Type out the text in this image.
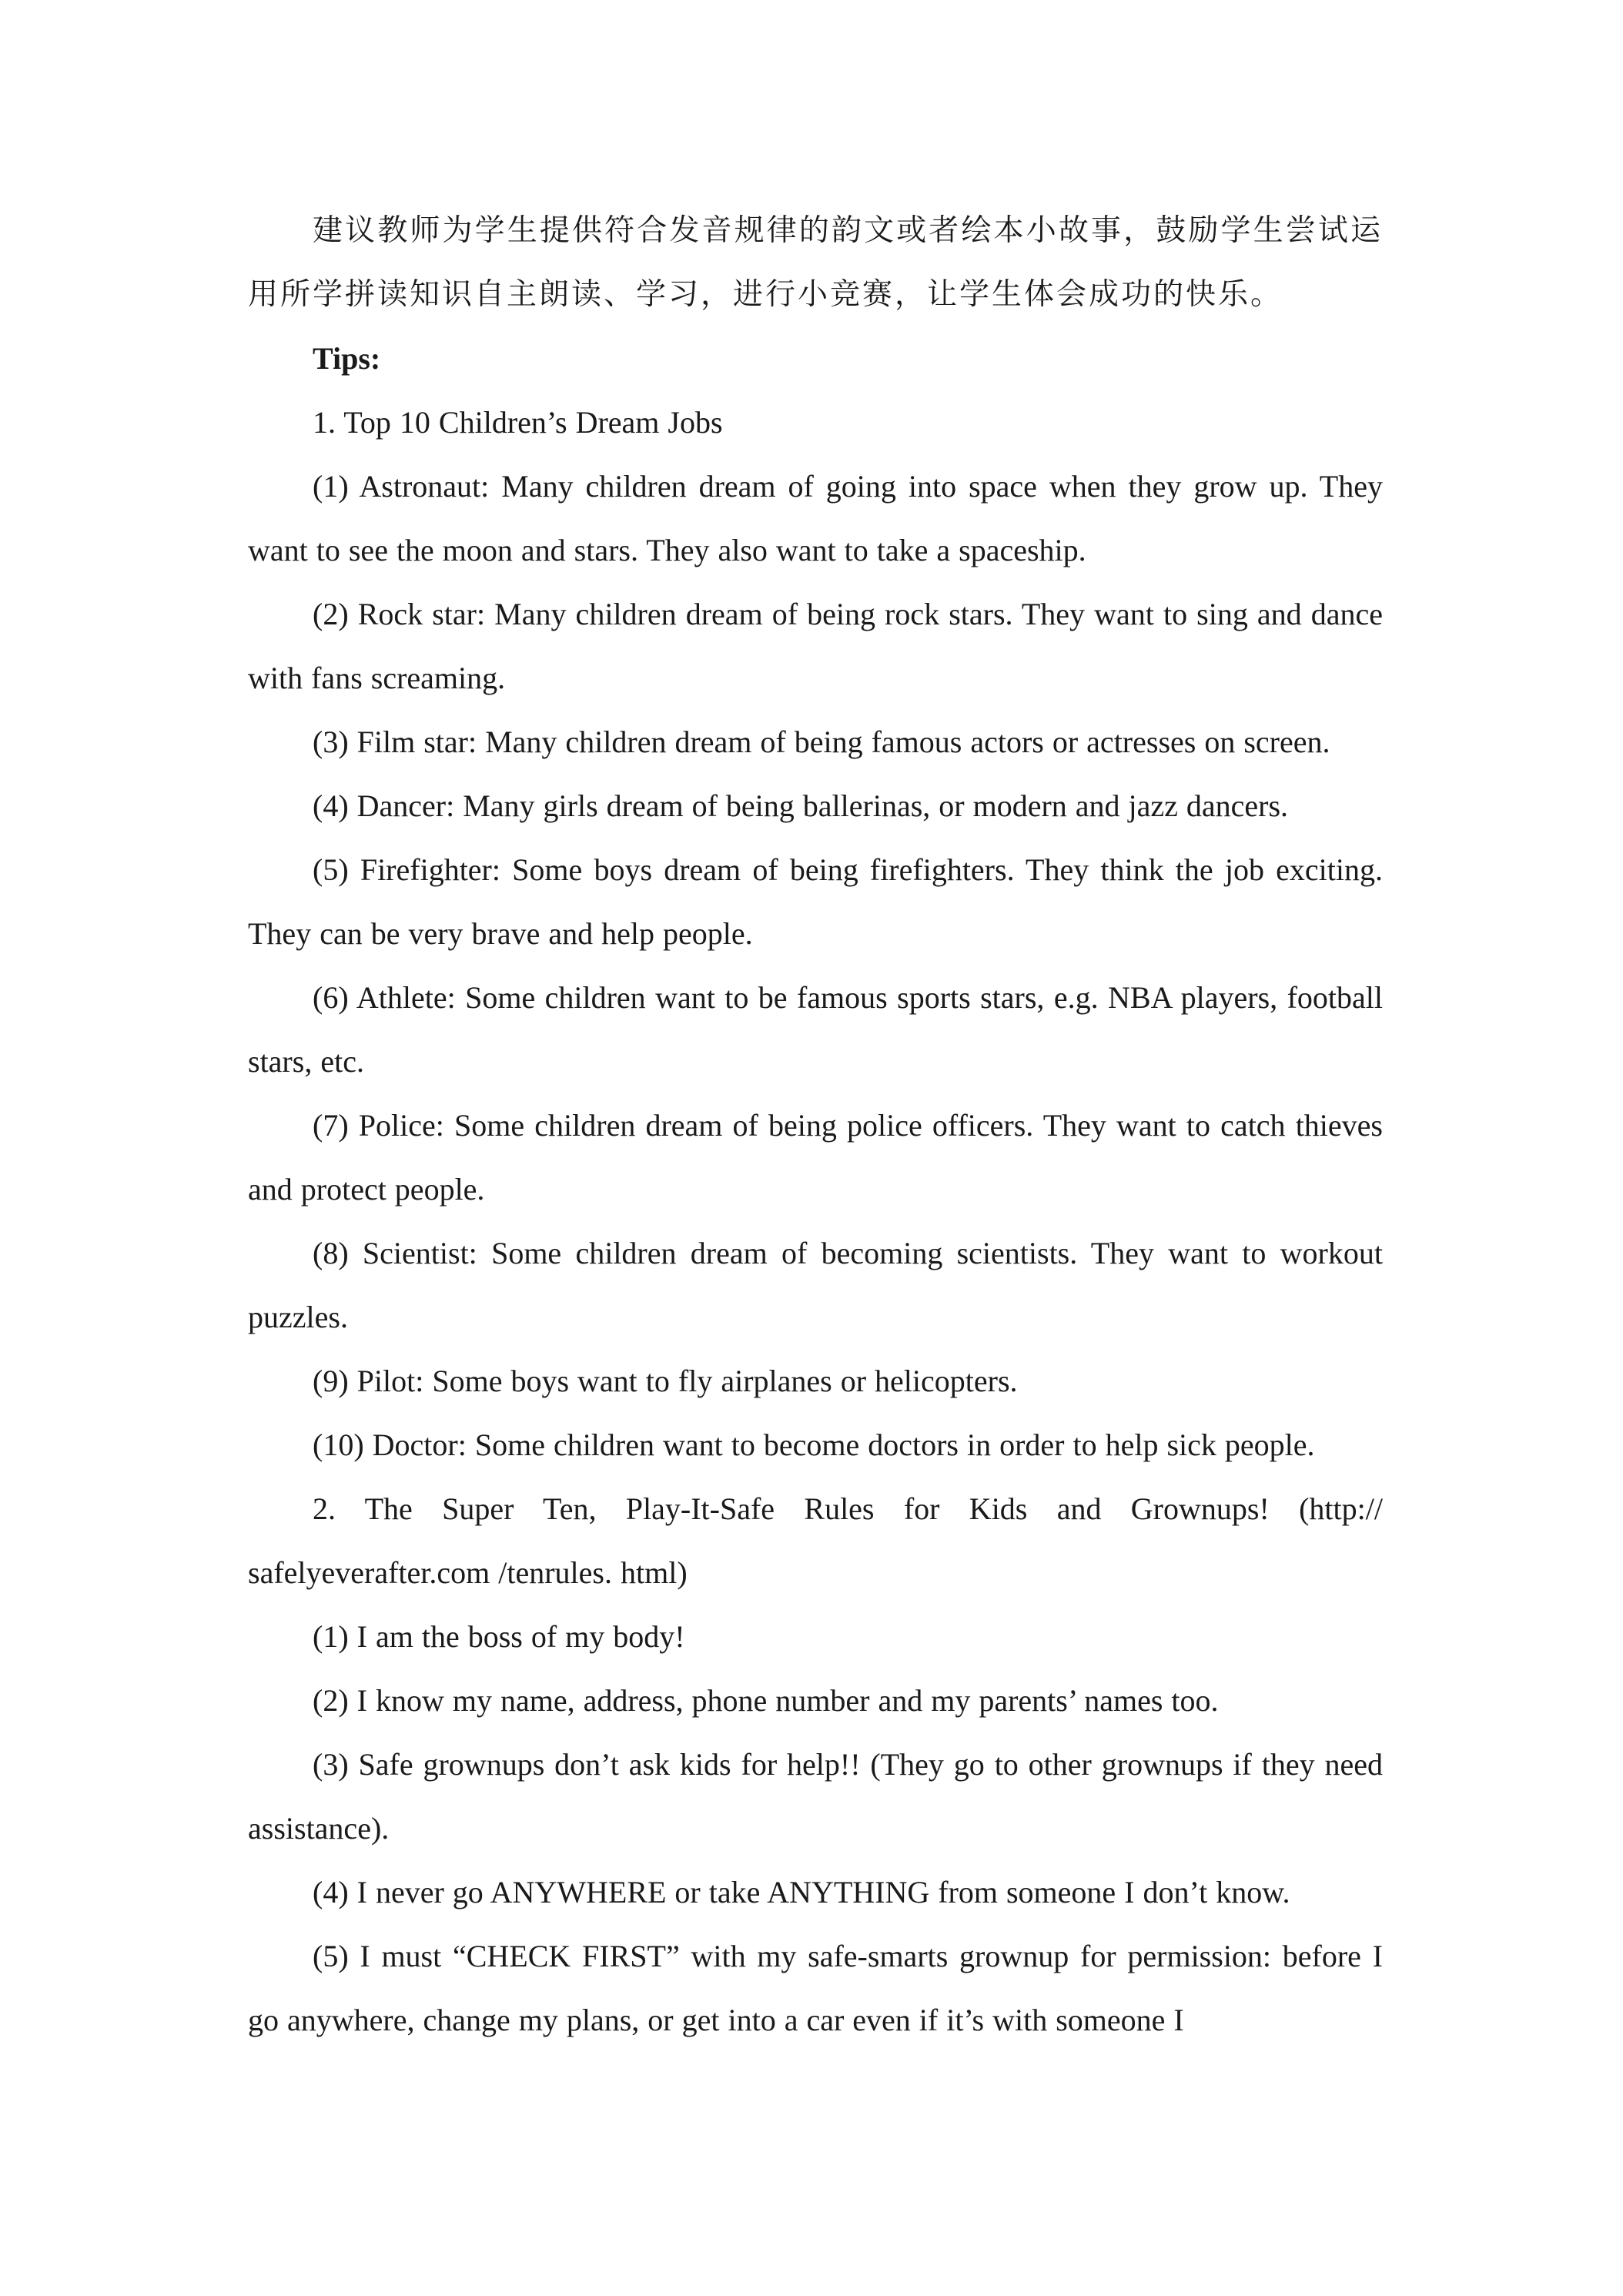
建议教师为学生提供符合发音规律的韵文或者绘本小故事，鼓励学生尝试运用所学拼读知识自主朗读、学习，进行小竞赛，让学生体会成功的快乐。

Tips:

1. Top 10 Children’s Dream Jobs

(1) Astronaut: Many children dream of going into space when they grow up. They want to see the moon and stars. They also want to take a spaceship.

(2) Rock star: Many children dream of being rock stars. They want to sing and dance with fans screaming.

(3) Film star: Many children dream of being famous actors or actresses on screen.

(4) Dancer: Many girls dream of being ballerinas, or modern and jazz dancers.

(5) Firefighter: Some boys dream of being firefighters. They think the job exciting. They can be very brave and help people.

(6) Athlete: Some children want to be famous sports stars, e.g. NBA players, football stars, etc.

(7) Police: Some children dream of being police officers. They want to catch thieves and protect people.

(8) Scientist: Some children dream of becoming scientists. They want to workout puzzles.

(9) Pilot: Some boys want to fly airplanes or helicopters.

(10) Doctor: Some children want to become doctors in order to help sick people.

2. The Super Ten, Play-It-Safe Rules for Kids and Grownups! (http:// safelyeverafter.com /tenrules. html)

(1) I am the boss of my body!

(2) I know my name, address, phone number and my parents’ names too.

(3) Safe grownups don’t ask kids for help!! (They go to other grownups if they need assistance).

(4) I never go ANYWHERE or take ANYTHING from someone I don’t know.

(5) I must “CHECK FIRST” with my safe-smarts grownup for permission: before I go anywhere, change my plans, or get into a car even if it’s with someone I
